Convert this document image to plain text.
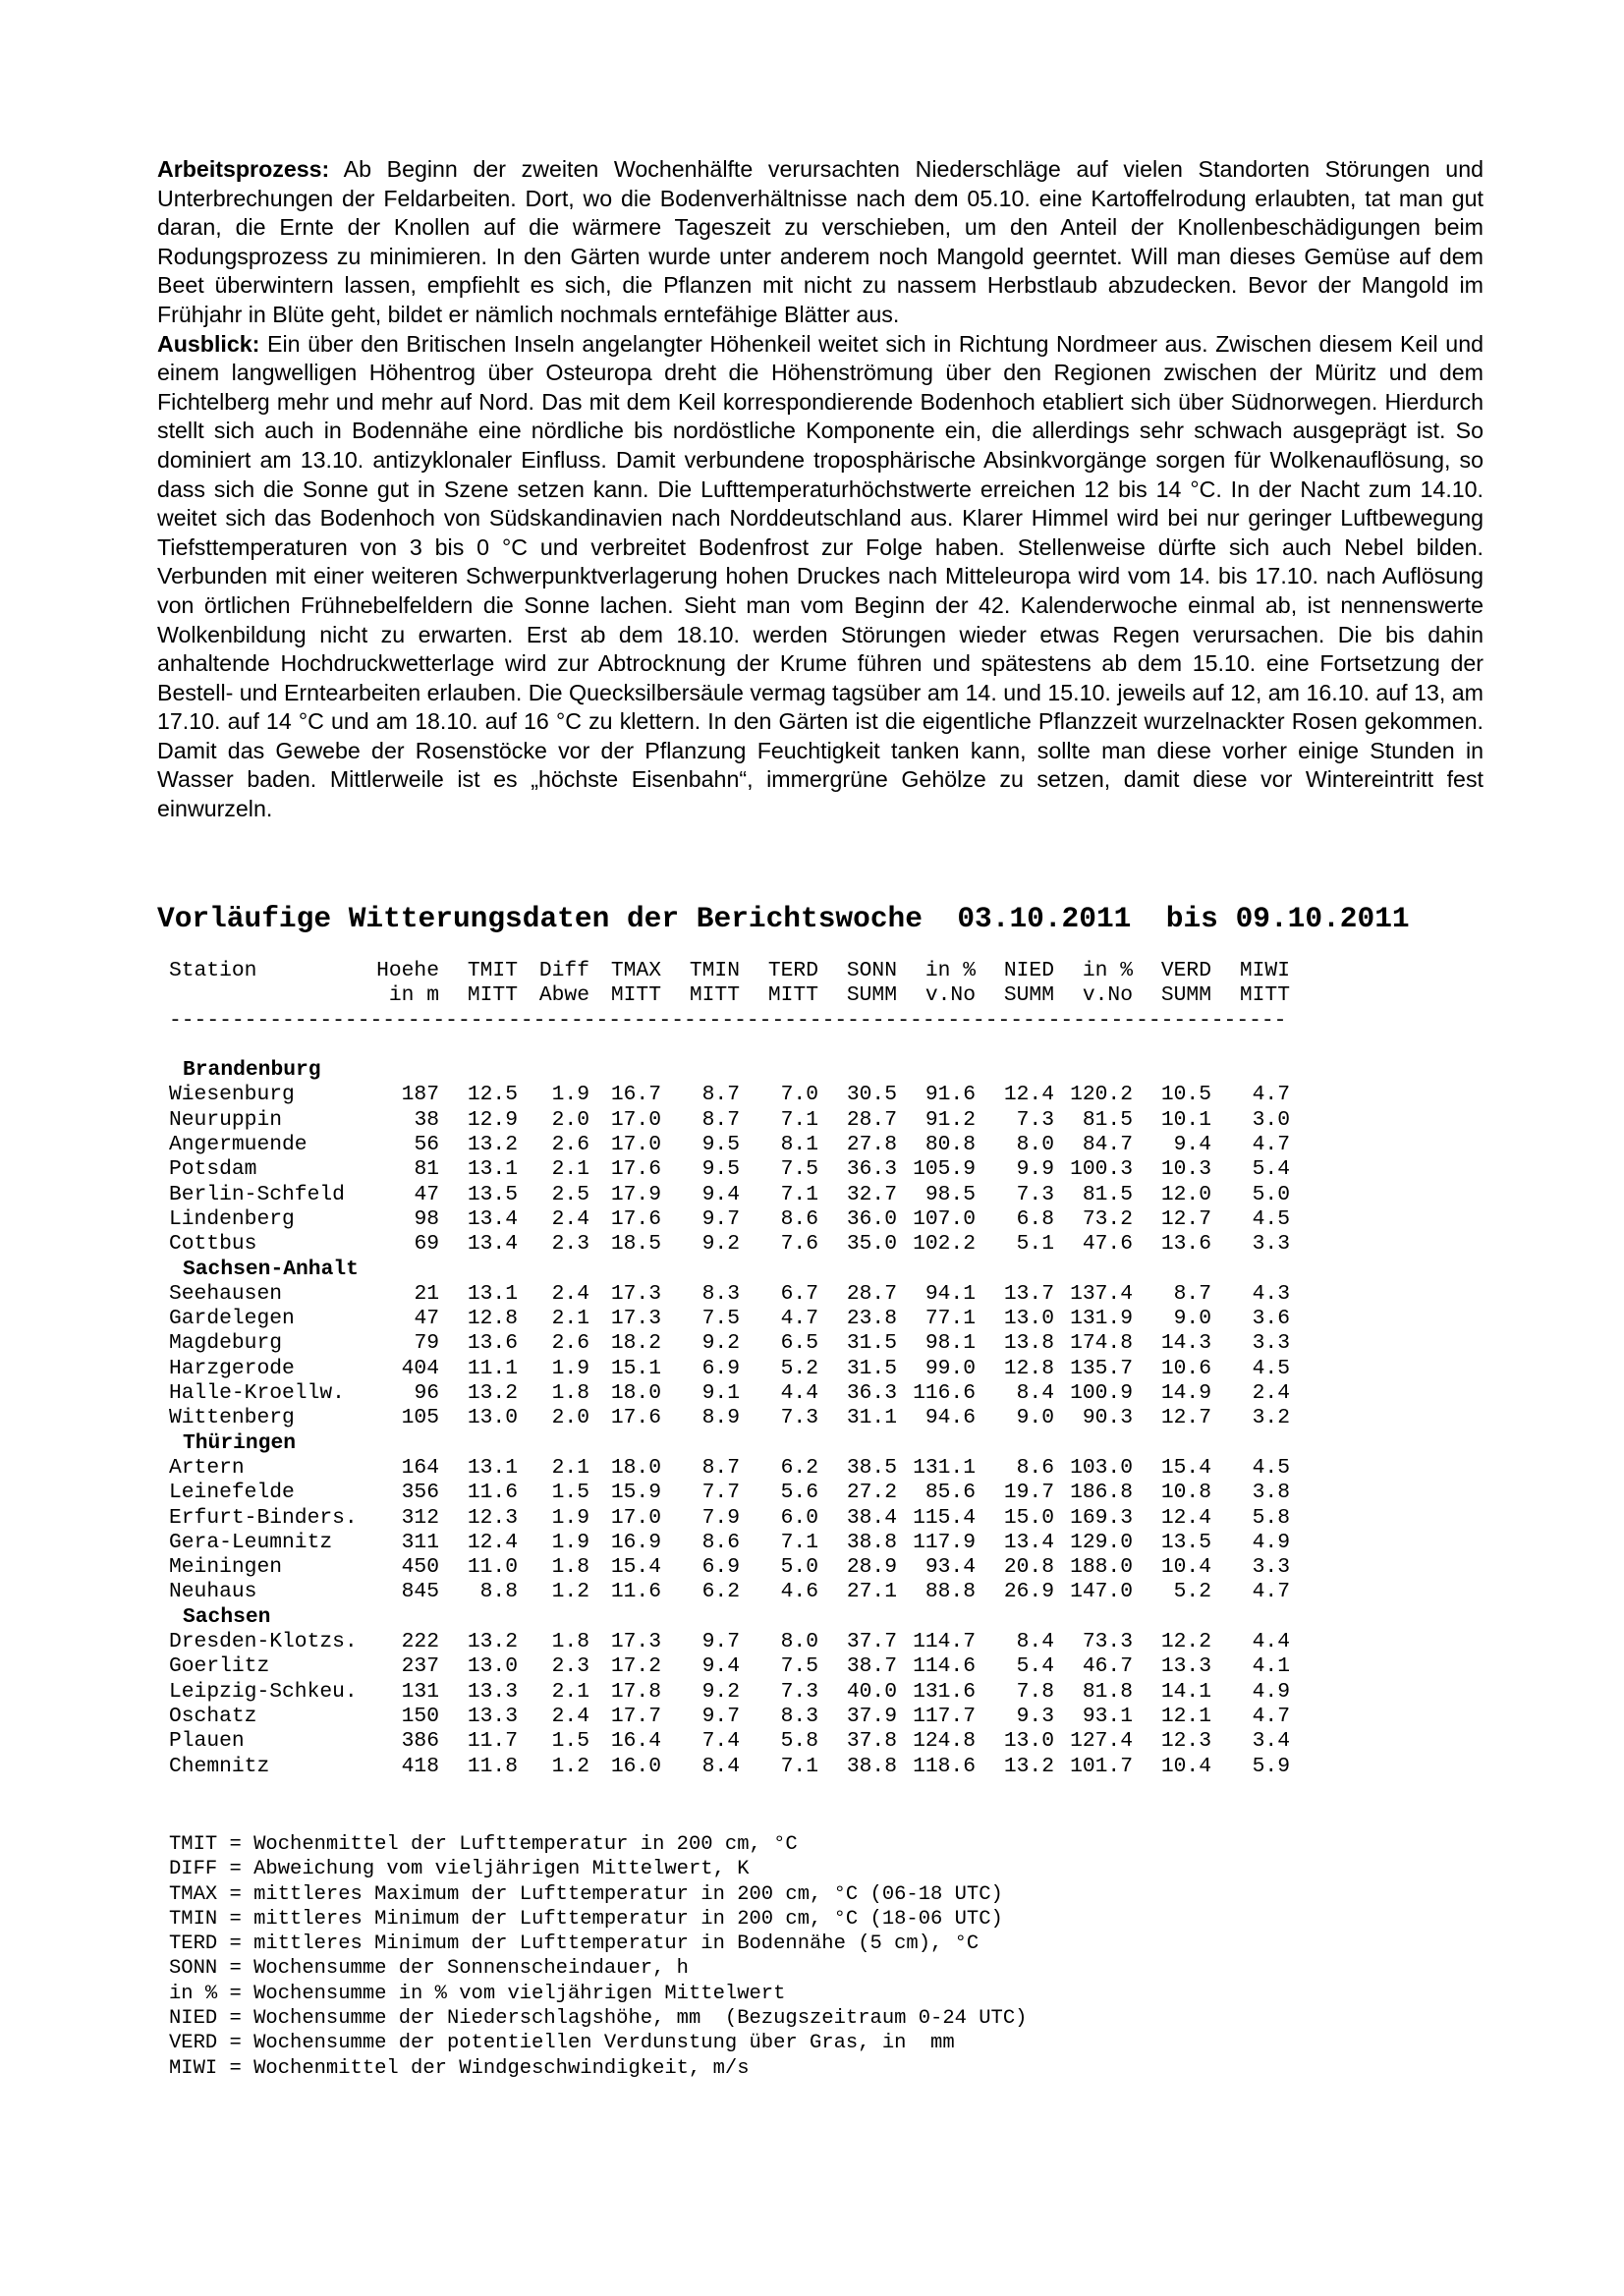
Arbeitsprozess: Ab Beginn der zweiten Wochenhälfte verursachten Niederschläge auf vielen Standorten Störungen und Unterbrechungen der Feldarbeiten. Dort, wo die Bodenverhältnisse nach dem 05.10. eine Kartoffelrodung erlaubten, tat man gut daran, die Ernte der Knollen auf die wärmere Tageszeit zu verschieben, um den Anteil der Knollenbeschädigungen beim Rodungsprozess zu minimieren. In den Gärten wurde unter anderem noch Mangold geerntet. Will man dieses Gemüse auf dem Beet überwintern lassen, empfiehlt es sich, die Pflanzen mit nicht zu nassem Herbstlaub abzudecken. Bevor der Mangold im Frühjahr in Blüte geht, bildet er nämlich nochmals erntefähige Blätter aus.

Ausblick: Ein über den Britischen Inseln angelangter Höhenkeil weitet sich in Richtung Nordmeer aus. Zwischen diesem Keil und einem langwelligen Höhentrog über Osteuropa dreht die Höhenströmung über den Regionen zwischen der Müritz und dem Fichtelberg mehr und mehr auf Nord. Das mit dem Keil korrespondierende Bodenhoch etabliert sich über Südnorwegen. Hierdurch stellt sich auch in Bodennähe eine nördliche bis nordöstliche Komponente ein, die allerdings sehr schwach ausgeprägt ist. So dominiert am 13.10. antizyklonaler Einfluss. Damit verbundene troposphärische Absinkvorgänge sorgen für Wolkenauflösung, so dass sich die Sonne gut in Szene setzen kann. Die Lufttemperaturhöchstwerte erreichen 12 bis 14 °C. In der Nacht zum 14.10. weitet sich das Bodenhoch von Südskandinavien nach Norddeutschland aus. Klarer Himmel wird bei nur geringer Luftbewegung Tiefsttemperaturen von 3 bis 0 °C und verbreitet Bodenfrost zur Folge haben. Stellenweise dürfte sich auch Nebel bilden. Verbunden mit einer weiteren Schwerpunktverlagerung hohen Druckes nach Mitteleuropa wird vom 14. bis 17.10. nach Auflösung von örtlichen Frühnebelfeldern die Sonne lachen. Sieht man vom Beginn der 42. Kalenderwoche einmal ab, ist nennenswerte Wolkenbildung nicht zu erwarten. Erst ab dem 18.10. werden Störungen wieder etwas Regen verursachen. Die bis dahin anhaltende Hochdruckwetterlage wird zur Abtrocknung der Krume führen und spätestens ab dem 15.10. eine Fortsetzung der Bestell- und Erntearbeiten erlauben. Die Quecksilbersäule vermag tagsüber am 14. und 15.10. jeweils auf 12, am 16.10. auf 13, am 17.10. auf 14 °C und am 18.10. auf 16 °C zu klettern. In den Gärten ist die eigentliche Pflanzzeit wurzelnackter Rosen gekommen. Damit das Gewebe der Rosenstöcke vor der Pflanzung Feuchtigkeit tanken kann, sollte man diese vorher einige Stunden in Wasser baden. Mittlerweile ist es „höchste Eisenbahn“, immergrüne Gehölze zu setzen, damit diese vor Wintereintritt fest einwurzeln.

Vorläufige Witterungsdaten der Berichtswoche  03.10.2011  bis 09.10.2011
Station	Hoehe TMIT Diff TMAX TMIN TERD SONN in % NIED in % VERD MIWI
in m MITT Abwe MITT MITT MITT SUMM v.No SUMM v.No SUMM MITT
-----------------------------------------------------------------------------------------
Brandenburg
Wiesenburg	187 12.5 1.9 16.7 8.7 7.0 30.5 91.6 12.4 120.2 10.5 4.7
Neuruppin	38 12.9 2.0 17.0 8.7 7.1 28.7 91.2 7.3 81.5 10.1 3.0
Angermuende	56 13.2 2.6 17.0 9.5 8.1 27.8 80.8 8.0 84.7 9.4 4.7
Potsdam	81 13.1 2.1 17.6 9.5 7.5 36.3 105.9 9.9 100.3 10.3 5.4
Berlin-Schfeld	47 13.5 2.5 17.9 9.4 7.1 32.7 98.5 7.3 81.5 12.0 5.0
Lindenberg	98 13.4 2.4 17.6 9.7 8.6 36.0 107.0 6.8 73.2 12.7 4.5
Cottbus	69 13.4 2.3 18.5 9.2 7.6 35.0 102.2 5.1 47.6 13.6 3.3
Sachsen-Anhalt
Seehausen	21 13.1 2.4 17.3 8.3 6.7 28.7 94.1 13.7 137.4 8.7 4.3
Gardelegen	47 12.8 2.1 17.3 7.5 4.7 23.8 77.1 13.0 131.9 9.0 3.6
Magdeburg	79 13.6 2.6 18.2 9.2 6.5 31.5 98.1 13.8 174.8 14.3 3.3
Harzgerode	404 11.1 1.9 15.1 6.9 5.2 31.5 99.0 12.8 135.7 10.6 4.5
Halle-Kroellw.	96 13.2 1.8 18.0 9.1 4.4 36.3 116.6 8.4 100.9 14.9 2.4
Wittenberg	105 13.0 2.0 17.6 8.9 7.3 31.1 94.6 9.0 90.3 12.7 3.2
Thüringen
Artern	164 13.1 2.1 18.0 8.7 6.2 38.5 131.1 8.6 103.0 15.4 4.5
Leinefelde	356 11.6 1.5 15.9 7.7 5.6 27.2 85.6 19.7 186.8 10.8 3.8
Erfurt-Binders. 312 12.3 1.9 17.0 7.9 6.0 38.4 115.4 15.0 169.3 12.4 5.8
Gera-Leumnitz	311 12.4 1.9 16.9 8.6 7.1 38.8 117.9 13.4 129.0 13.5 4.9
Meiningen	450 11.0 1.8 15.4 6.9 5.0 28.9 93.4 20.8 188.0 10.4 3.3
Neuhaus	845 8.8 1.2 11.6 6.2 4.6 27.1 88.8 26.9 147.0 5.2 4.7
Sachsen
Dresden-Klotzs. 222 13.2 1.8 17.3 9.7 8.0 37.7 114.7 8.4 73.3 12.2 4.4
Goerlitz	237 13.0 2.3 17.2 9.4 7.5 38.7 114.6 5.4 46.7 13.3 4.1
Leipzig-Schkeu. 131 13.3 2.1 17.8 9.2 7.3 40.0 131.6 7.8 81.8 14.1 4.9
Oschatz	150 13.3 2.4 17.7 9.7 8.3 37.9 117.7 9.3 93.1 12.1 4.7
Plauen	386 11.7 1.5 16.4 7.4 5.8 37.8 124.8 13.0 127.4 12.3 3.4
Chemnitz	418 11.8 1.2 16.0 8.4 7.1 38.8 118.6 13.2 101.7 10.4 5.9
TMIT = Wochenmittel der Lufttemperatur in 200 cm, °C
DIFF = Abweichung vom vieljährigen Mittelwert, K
TMAX = mittleres Maximum der Lufttemperatur in 200 cm, °C (06-18 UTC)
TMIN = mittleres Minimum der Lufttemperatur in 200 cm, °C (18-06 UTC)
TERD = mittleres Minimum der Lufttemperatur in Bodennähe (5 cm), °C
SONN = Wochensumme der Sonnenscheindauer, h
in % = Wochensumme in % vom vieljährigen Mittelwert
NIED = Wochensumme der Niederschlagshöhe, mm  (Bezugszeitraum 0-24 UTC)
VERD = Wochensumme der potentiellen Verdunstung über Gras, in  mm
MIWI = Wochenmittel der Windgeschwindigkeit, m/s
